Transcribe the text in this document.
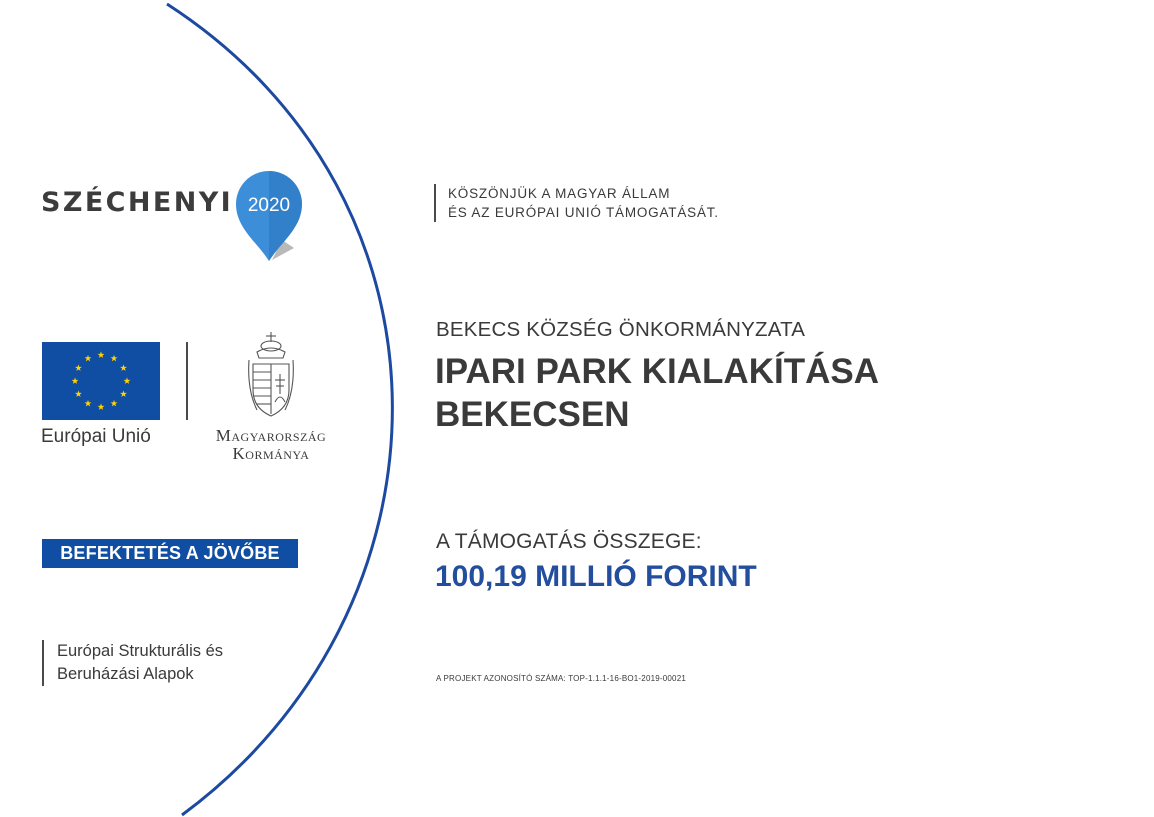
SZÉCHENYI 2020
Európai Unió	Magyarország
Kormánya
BEFEKTETÉS A JÖVŐBE
Európai Strukturális és
Beruházási Alapok
KÖSZÖNJÜK A MAGYAR ÁLLAM
ÉS AZ EURÓPAI UNIÓ TÁMOGATÁSÁT.
BEKECS KÖZSÉG ÖNKORMÁNYZATA
IPARI PARK KIALAKÍTÁSA
BEKECSEN
A TÁMOGATÁS ÖSSZEGE:
100,19 MILLIÓ FORINT
A PROJEKT AZONOSÍTÓ SZÁMA: TOP-1.1.1-16-BO1-2019-00021
